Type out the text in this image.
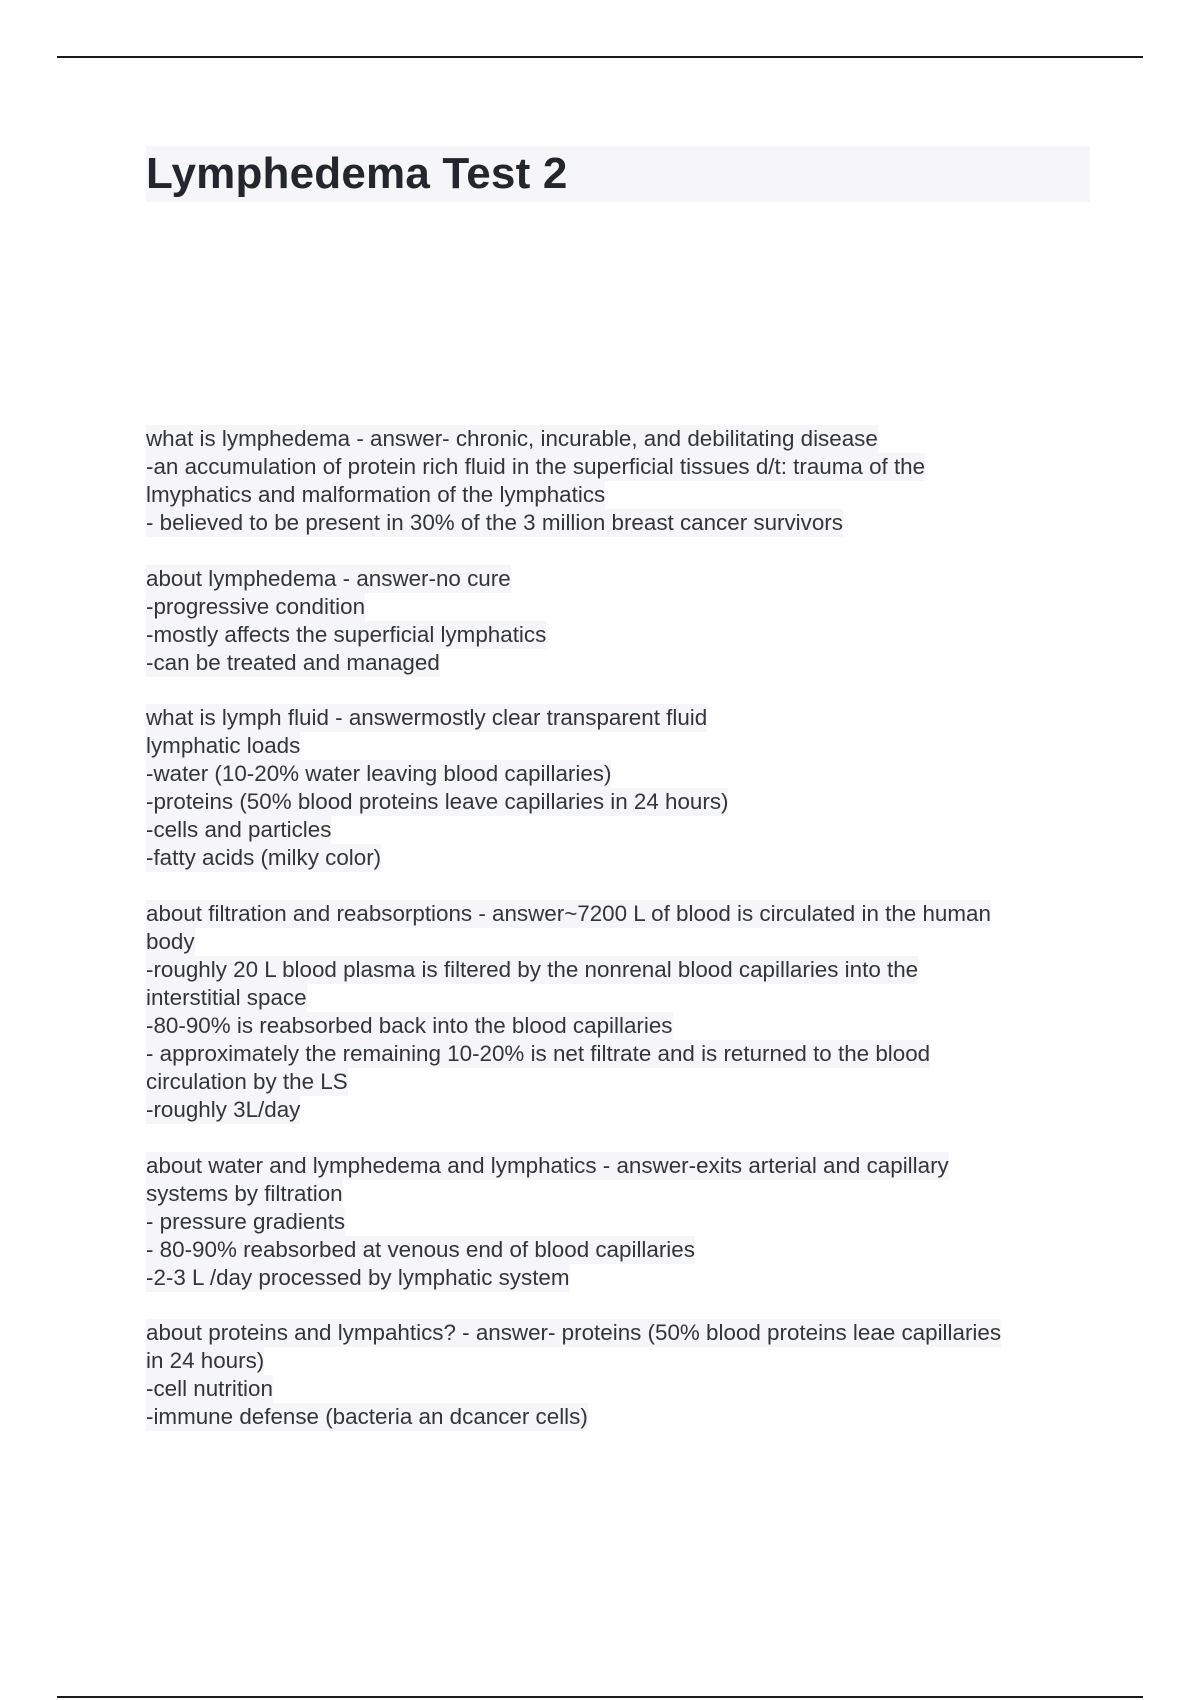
Lymphedema Test 2
what is lymphedema - answer- chronic, incurable, and debilitating disease
-an accumulation of protein rich fluid in the superficial tissues d/t: trauma of the
lmyphatics and malformation of the lymphatics
- believed to be present in 30% of the 3 million breast cancer survivors
about lymphedema - answer-no cure
-progressive condition
-mostly affects the superficial lymphatics
-can be treated and managed
what is lymph fluid - answermostly clear transparent fluid
lymphatic loads
-water (10-20% water leaving blood capillaries)
-proteins (50% blood proteins leave capillaries in 24 hours)
-cells and particles
-fatty acids (milky color)
about filtration and reabsorptions - answer~7200 L of blood is circulated in the human
body
-roughly 20 L blood plasma is filtered by the nonrenal blood capillaries into the
interstitial space
-80-90% is reabsorbed back into the blood capillaries
- approximately the remaining 10-20% is net filtrate and is returned to the blood
circulation by the LS
-roughly 3L/day
about water and lymphedema and lymphatics - answer-exits arterial and capillary
systems by filtration
- pressure gradients
- 80-90% reabsorbed at venous end of blood capillaries
-2-3 L /day processed by lymphatic system
about proteins and lympahtics? - answer- proteins (50% blood proteins leae capillaries
in 24 hours)
-cell nutrition
-immune defense (bacteria an dcancer cells)
